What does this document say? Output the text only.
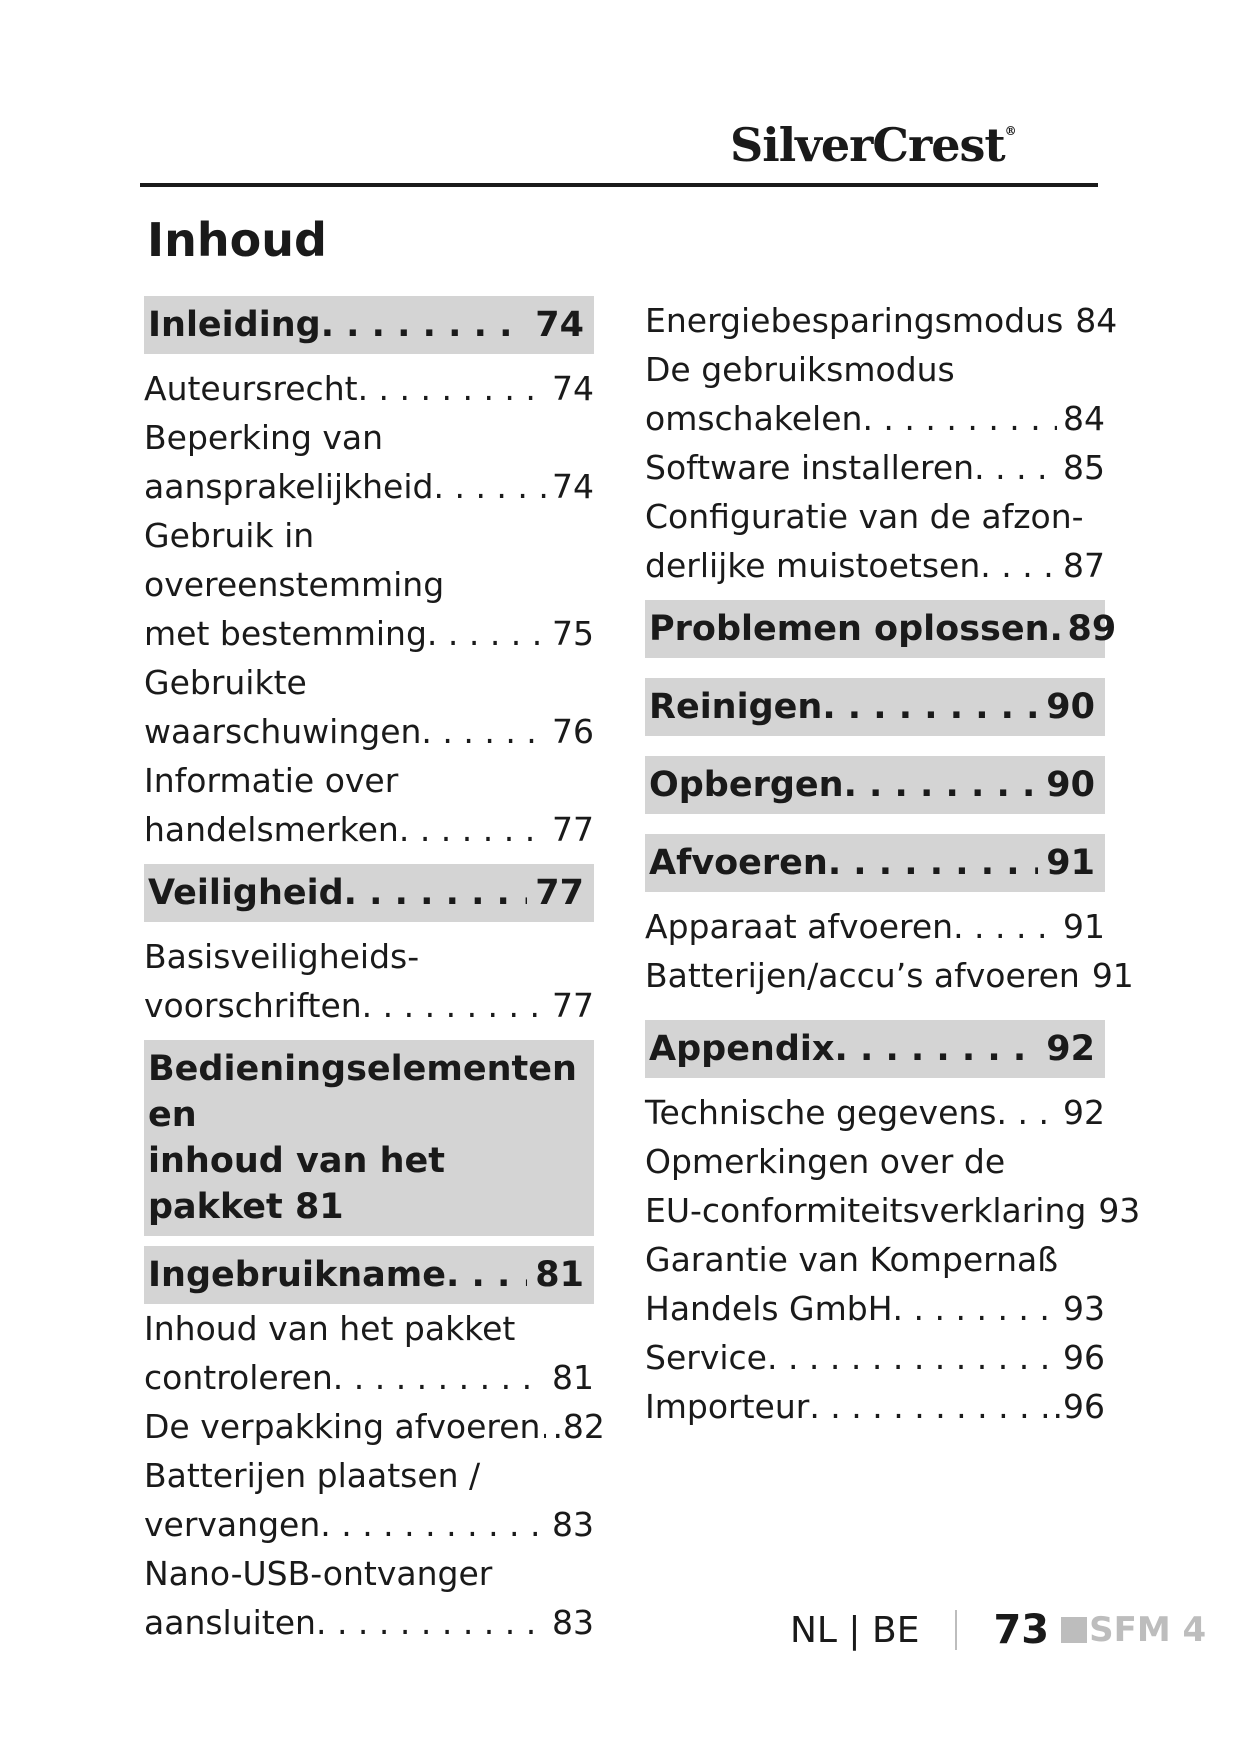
SilverCrest®
Inhoud
Inleiding . . .	74
Auteursrecht . . .	74
Beperking van
aansprakelijkheid . . .	74
Gebruik in overeenstemming
met bestemming . . .	75
Gebruikte
waarschuwingen . . .	76
Informatie over
handelsmerken . . .	77
Veiligheid . . .	77
Basisveiligheids-
voorschriften . . .	77
Bedieningselementen en
inhoud van het pakket 81
Ingebruikname . . .	81
Inhoud van het pakket
controleren . . .	81
De verpakking afvoeren . . . .82
Batterijen plaatsen /
vervangen . . .	83
Nano-USB-ontvanger
aansluiten . . .	83
Energiebesparingsmodus 84
De gebruiksmodus
omschakelen . . .	84
Software installeren . . .	85
Configuratie van de afzon-
derlijke muistoetsen . . .	87
Problemen oplossen . . . 89
Reinigen . . .	90
Opbergen . . .	90
Afvoeren . . .	91
Apparaat afvoeren . . .	91
Batterijen/accu’s afvoeren 91
Appendix . . .	92
Technische gegevens . . . 92
Opmerkingen over de
EU-conformiteitsverklaring 93
Garantie van Kompernaß
Handels GmbH . . .	93
Service . . .	96
Importeur . . .	.96
NL | BE 73 SFM 4
